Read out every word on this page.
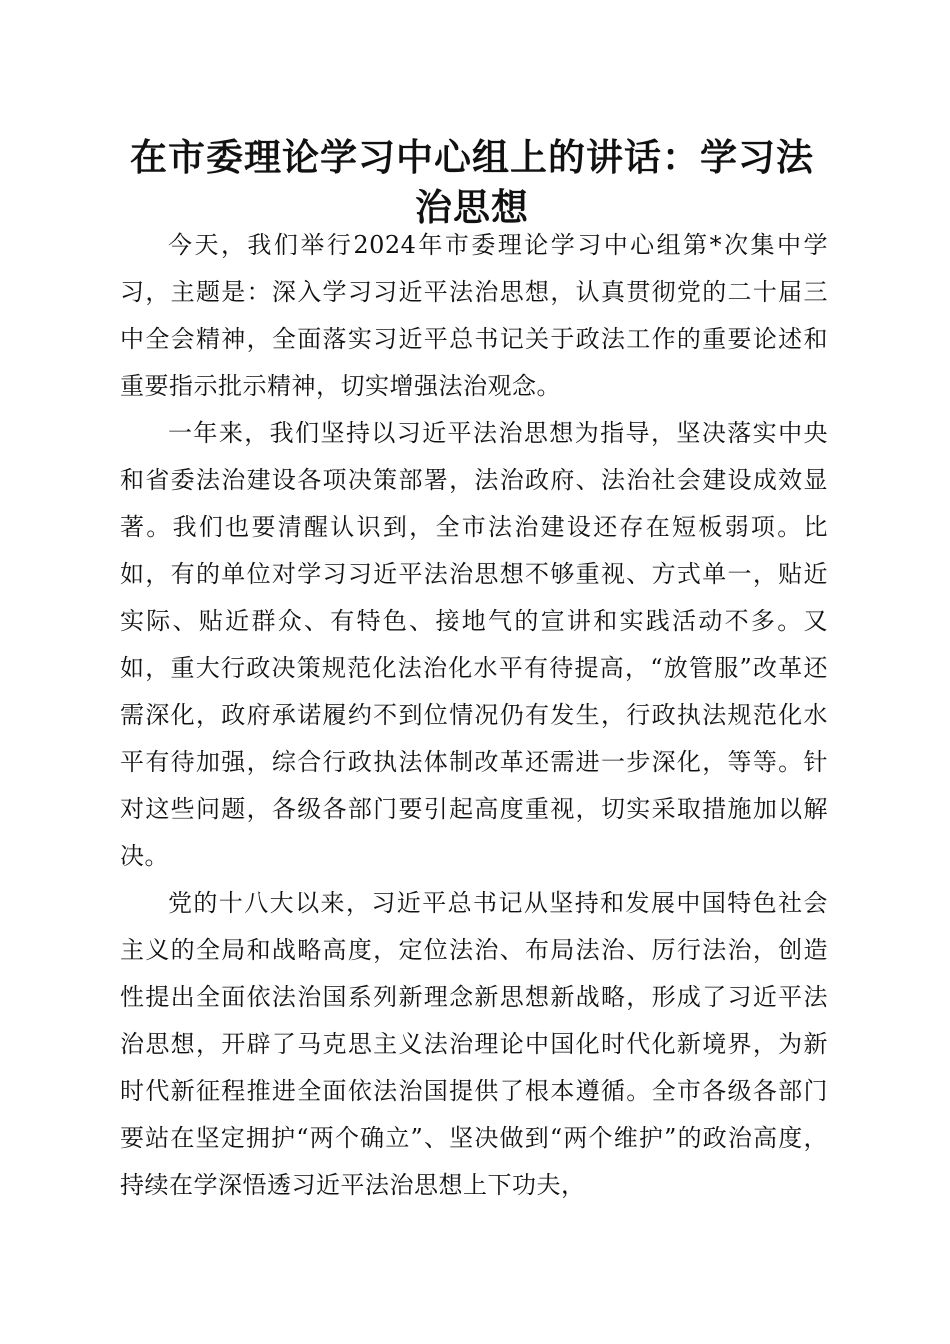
在市委理论学习中心组上的讲话：学习法治思想

今天，我们举行2024年市委理论学习中心组第*次集中学习，主题是：深入学习习近平法治思想，认真贯彻党的二十届三中全会精神，全面落实习近平总书记关于政法工作的重要论述和重要指示批示精神，切实增强法治观念。

一年来，我们坚持以习近平法治思想为指导，坚决落实中央和省委法治建设各项决策部署，法治政府、法治社会建设成效显著。我们也要清醒认识到，全市法治建设还存在短板弱项。比如，有的单位对学习习近平法治思想不够重视、方式单一，贴近实际、贴近群众、有特色、接地气的宣讲和实践活动不多。又如，重大行政决策规范化法治化水平有待提高，“放管服”改革还需深化，政府承诺履约不到位情况仍有发生，行政执法规范化水平有待加强，综合行政执法体制改革还需进一步深化，等等。针对这些问题，各级各部门要引起高度重视，切实采取措施加以解决。

党的十八大以来，习近平总书记从坚持和发展中国特色社会主义的全局和战略高度，定位法治、布局法治、厉行法治，创造性提出全面依法治国系列新理念新思想新战略，形成了习近平法治思想，开辟了马克思主义法治理论中国化时代化新境界，为新时代新征程推进全面依法治国提供了根本遵循。全市各级各部门要站在坚定拥护“两个确立”、坚决做到“两个维护”的政治高度，持续在学深悟透习近平法治思想上下功夫，
